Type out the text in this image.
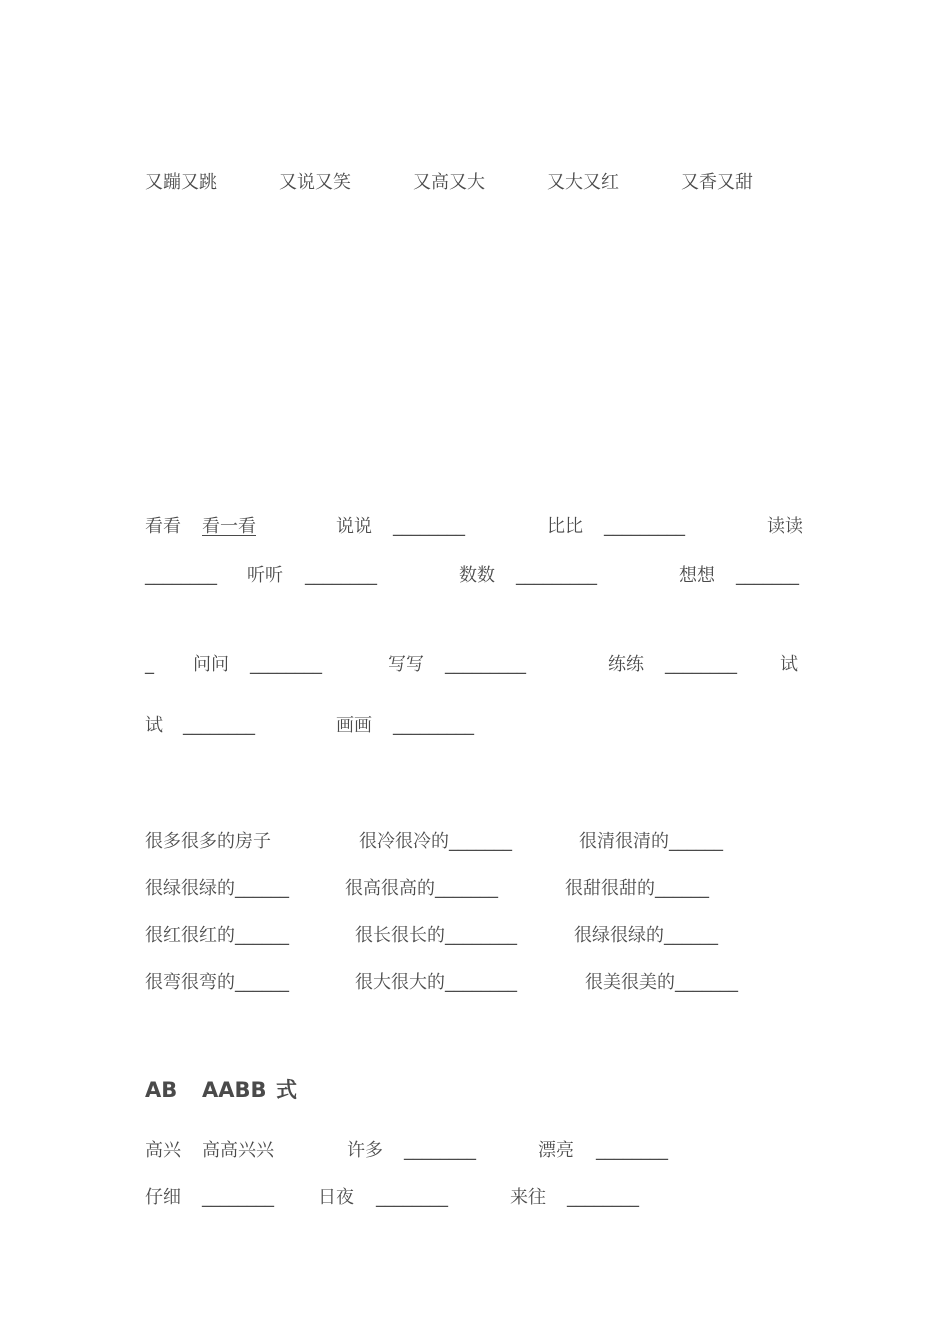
又蹦又跳	又说又笑	又高又大	又大又红	又香又甜
看看 看一看	说说 ________	比比 _________	读读
________ 听听 ________	数数 _________	想想 _______
_ 问问 ________	写写 _________	练练 ________ 试
试 ________	画画 _________
很多很多的房子	很冷很冷的_______	很清很清的______
很绿很绿的______	很高很高的_______	很甜很甜的______
很红很红的______	很长很长的________	很绿很绿的______
很弯很弯的______	很大很大的________	很美很美的_______
AB AABB 式
高兴 高高兴兴	许多 ________	漂亮 ________
仔细 ________ 日夜 ________	来往 ________
